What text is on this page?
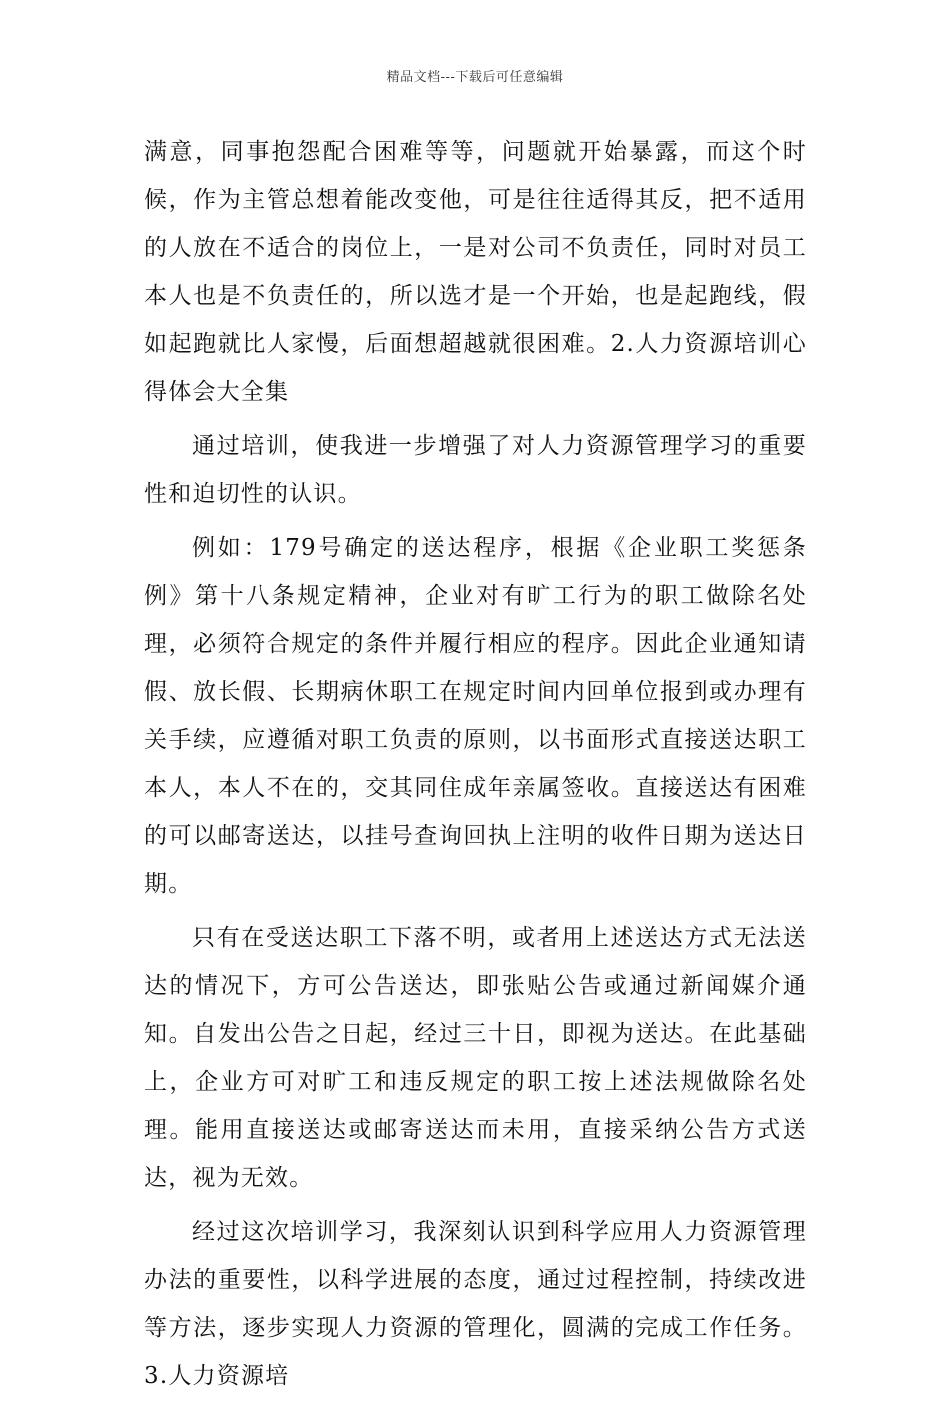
精品文档---下载后可任意编辑

满意，同事抱怨配合困难等等，问题就开始暴露，而这个时候，作为主管总想着能改变他，可是往往适得其反，把不适用的人放在不适合的岗位上，一是对公司不负责任，同时对员工本人也是不负责任的，所以选才是一个开始，也是起跑线，假如起跑就比人家慢，后面想超越就很困难。2.人力资源培训心得体会大全集

通过培训，使我进一步增强了对人力资源管理学习的重要性和迫切性的认识。

例如：179号确定的送达程序，根据《企业职工奖惩条例》第十八条规定精神，企业对有旷工行为的职工做除名处理，必须符合规定的条件并履行相应的程序。因此企业通知请假、放长假、长期病休职工在规定时间内回单位报到或办理有关手续，应遵循对职工负责的原则，以书面形式直接送达职工本人，本人不在的，交其同住成年亲属签收。直接送达有困难的可以邮寄送达，以挂号查询回执上注明的收件日期为送达日期。

只有在受送达职工下落不明，或者用上述送达方式无法送达的情况下，方可公告送达，即张贴公告或通过新闻媒介通知。自发出公告之日起，经过三十日，即视为送达。在此基础上，企业方可对旷工和违反规定的职工按上述法规做除名处理。能用直接送达或邮寄送达而未用，直接采纳公告方式送达，视为无效。

经过这次培训学习，我深刻认识到科学应用人力资源管理办法的重要性，以科学进展的态度，通过过程控制，持续改进等方法，逐步实现人力资源的管理化，圆满的完成工作任务。3.人力资源培
